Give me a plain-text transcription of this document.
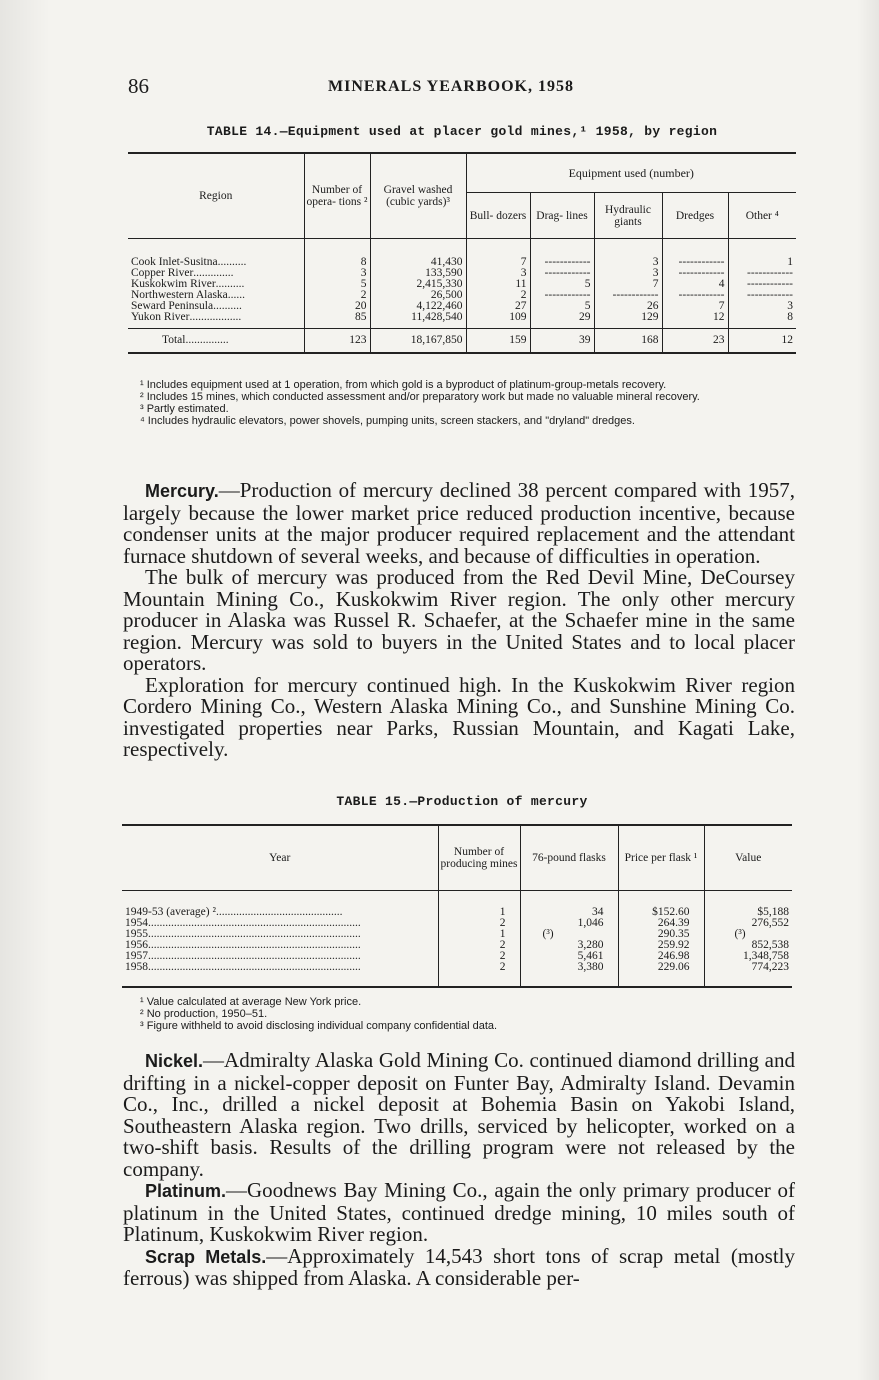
86	MINERALS YEARBOOK, 1958
TABLE 14.—Equipment used at placer gold mines,¹ 1958, by region
Region	Number of opera- tions ²	Gravel washed (cubic yards)³	Equipment used (number)				
			Bull- dozers	Drag- lines	Hydraulic giants	Dredges	Other ⁴

Cook Inlet-Susitna..........	8	41,430	7	------------	3	------------	1
Copper River..............	3	133,590	3	------------	3	------------	------------
Kuskokwim River..........	5	2,415,330	11	5	7	4	------------
Northwestern Alaska......	2	26,500	2	------------	------------	------------	------------
Seward Peninsula..........	20	4,122,460	27	5	26	7	3
Yukon River..................	85	11,428,540	109	29	129	12	8

Total...............	123	18,167,850	159	39	168	23	12

¹ Includes equipment used at 1 operation, from which gold is a byproduct of platinum-group-metals recovery.

² Includes 15 mines, which conducted assessment and/or preparatory work but made no valuable mineral recovery.

³ Partly estimated.

⁴ Includes hydraulic elevators, power shovels, pumping units, screen stackers, and "dryland" dredges.

Mercury.—Production of mercury declined 38 percent compared with 1957, largely because the lower market price reduced production incentive, because condenser units at the major producer required replacement and the attendant furnace shutdown of several weeks, and because of difficulties in operation.

The bulk of mercury was produced from the Red Devil Mine, DeCoursey Mountain Mining Co., Kuskokwim River region. The only other mercury producer in Alaska was Russel R. Schaefer, at the Schaefer mine in the same region. Mercury was sold to buyers in the United States and to local placer operators.

Exploration for mercury continued high. In the Kuskokwim River region Cordero Mining Co., Western Alaska Mining Co., and Sunshine Mining Co. investigated properties near Parks, Russian Mountain, and Kagati Lake, respectively.

TABLE 15.—Production of mercury
Year	Number of producing mines	76-pound flasks	Price per flask ¹	Value

1949-53 (average) ²............................................	1	34	$152.60	$5,188
1954..........................................................................	2	1,046	264.39	276,552
1955..........................................................................	1	(³)	290.35	(³)
1956..........................................................................	2	3,280	259.92	852,538
1957..........................................................................	2	5,461	246.98	1,348,758
1958..........................................................................	2	3,380	229.06	774,223

¹ Value calculated at average New York price.

² No production, 1950–51.

³ Figure withheld to avoid disclosing individual company confidential data.

Nickel.—Admiralty Alaska Gold Mining Co. continued diamond drilling and drifting in a nickel-copper deposit on Funter Bay, Admiralty Island. Devamin Co., Inc., drilled a nickel deposit at Bohemia Basin on Yakobi Island, Southeastern Alaska region. Two drills, serviced by helicopter, worked on a two-shift basis. Results of the drilling program were not released by the company.

Platinum.—Goodnews Bay Mining Co., again the only primary producer of platinum in the United States, continued dredge mining, 10 miles south of Platinum, Kuskokwim River region.

Scrap Metals.—Approximately 14,543 short tons of scrap metal (mostly ferrous) was shipped from Alaska. A considerable per-
